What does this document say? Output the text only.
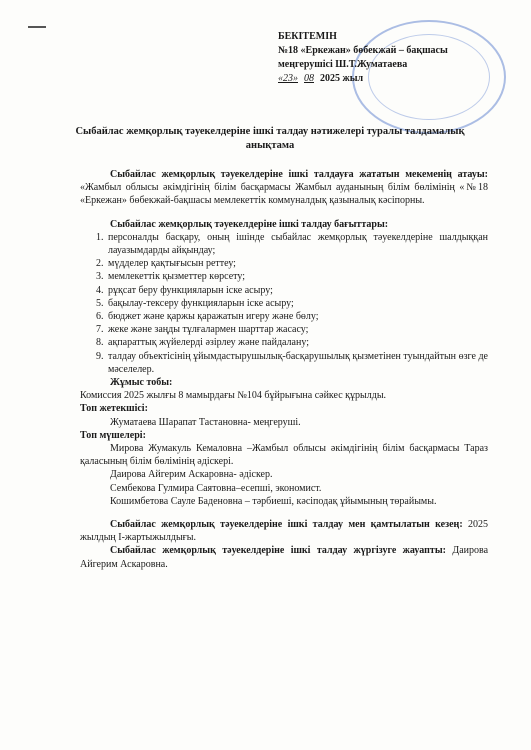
БЕКІТЕМІН
№18 «Еркежан» бөбекжай – бақшасы
меңгерушісі Ш.Т.Жуматаева
«23» 08 2025 жыл
Сыбайлас жемқорлық тәуекелдеріне ішкі талдау нәтижелері туралы талдамалық анықтама

Сыбайлас жемқорлық тәуекелдеріне ішкі талдауға жататын мекеменің атауы: «Жамбыл облысы әкімдігінің білім басқармасы Жамбыл ауданының білім бөлімінің «№18 «Еркежан» бөбекжай-бақшасы мемлекеттік коммуналдық қазыналық кәсіпорны.

Сыбайлас жемқорлық тәуекелдеріне ішкі талдау бағыттары:

1. персоналды басқару, оның ішінде сыбайлас жемқорлық тәуекелдеріне шалдыққан лауазымдарды айқындау;
2. мүдделер қақтығысын реттеу;
3. мемлекеттік қызметтер көрсету;
4. рұқсат беру функцияларын іске асыру;
5. бақылау-тексеру функцияларын іске асыру;
6. бюджет және қаржы қаражатын игеру және бөлу;
7. жеке және заңды тұлғалармен шарттар жасасу;
8. ақпараттық жүйелерді әзірлеу және пайдалану;
9. талдау объектісінің ұйымдастырушылық-басқарушылық қызметінен туындайтын өзге де мәселелер.

Жұмыс тобы:

Комиссия 2025 жылғы 8 мамырдағы №104 бұйрығына сәйкес құрылды.

Топ жетекшісі:

Жуматаева Шарапат Тастановна- меңгеруші.

Топ мүшелері:

Мирова Жумакуль Кемаловна –Жамбыл облысы әкімдігінің білім басқармасы Тараз қаласының білім бөлімінің әдіскері.

Даирова Айгерим Аскаровна- әдіскер.

Сембекова Гулмира Саятовна–есепші, экономист.

Кошимбетова Сауле Баденовна – тәрбиеші, кәсіподақ ұйымының төрайымы.

Сыбайлас жемқорлық тәуекелдеріне ішкі талдау мен қамтылатын кезең: 2025 жылдың І-жартыжылдығы.

Сыбайлас жемқорлық тәуекелдеріне ішкі талдау жүргізуге жауапты: Даирова Айгерим Аскаровна.
